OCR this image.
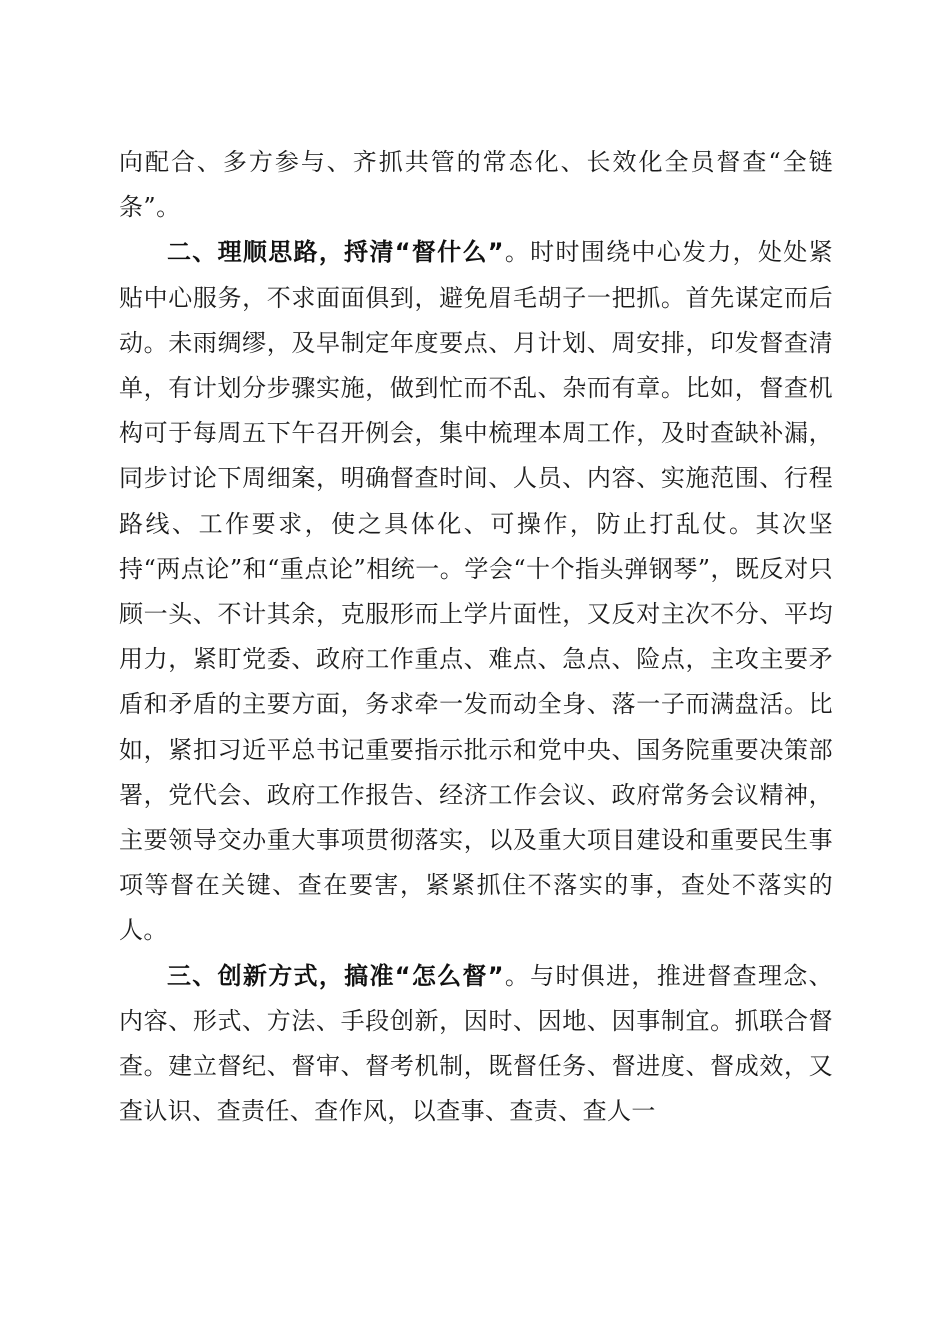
向配合、多方参与、齐抓共管的常态化、长效化全员督查“全链条”。

二、理顺思路，捋清“督什么”。时时围绕中心发力，处处紧贴中心服务，不求面面俱到，避免眉毛胡子一把抓。首先谋定而后动。未雨绸缪，及早制定年度要点、月计划、周安排，印发督查清单，有计划分步骤实施，做到忙而不乱、杂而有章。比如，督查机构可于每周五下午召开例会，集中梳理本周工作，及时查缺补漏，同步讨论下周细案，明确督查时间、人员、内容、实施范围、行程路线、工作要求，使之具体化、可操作，防止打乱仗。其次坚持“两点论”和“重点论”相统一。学会“十个指头弹钢琴”，既反对只顾一头、不计其余，克服形而上学片面性，又反对主次不分、平均用力，紧盯党委、政府工作重点、难点、急点、险点，主攻主要矛盾和矛盾的主要方面，务求牵一发而动全身、落一子而满盘活。比如，紧扣习近平总书记重要指示批示和党中央、国务院重要决策部署，党代会、政府工作报告、经济工作会议、政府常务会议精神，主要领导交办重大事项贯彻落实，以及重大项目建设和重要民生事项等督在关键、查在要害，紧紧抓住不落实的事，查处不落实的人。

三、创新方式，搞准“怎么督”。与时俱进，推进督查理念、内容、形式、方法、手段创新，因时、因地、因事制宜。抓联合督查。建立督纪、督审、督考机制，既督任务、督进度、督成效，又查认识、查责任、查作风，以查事、查责、查人一
